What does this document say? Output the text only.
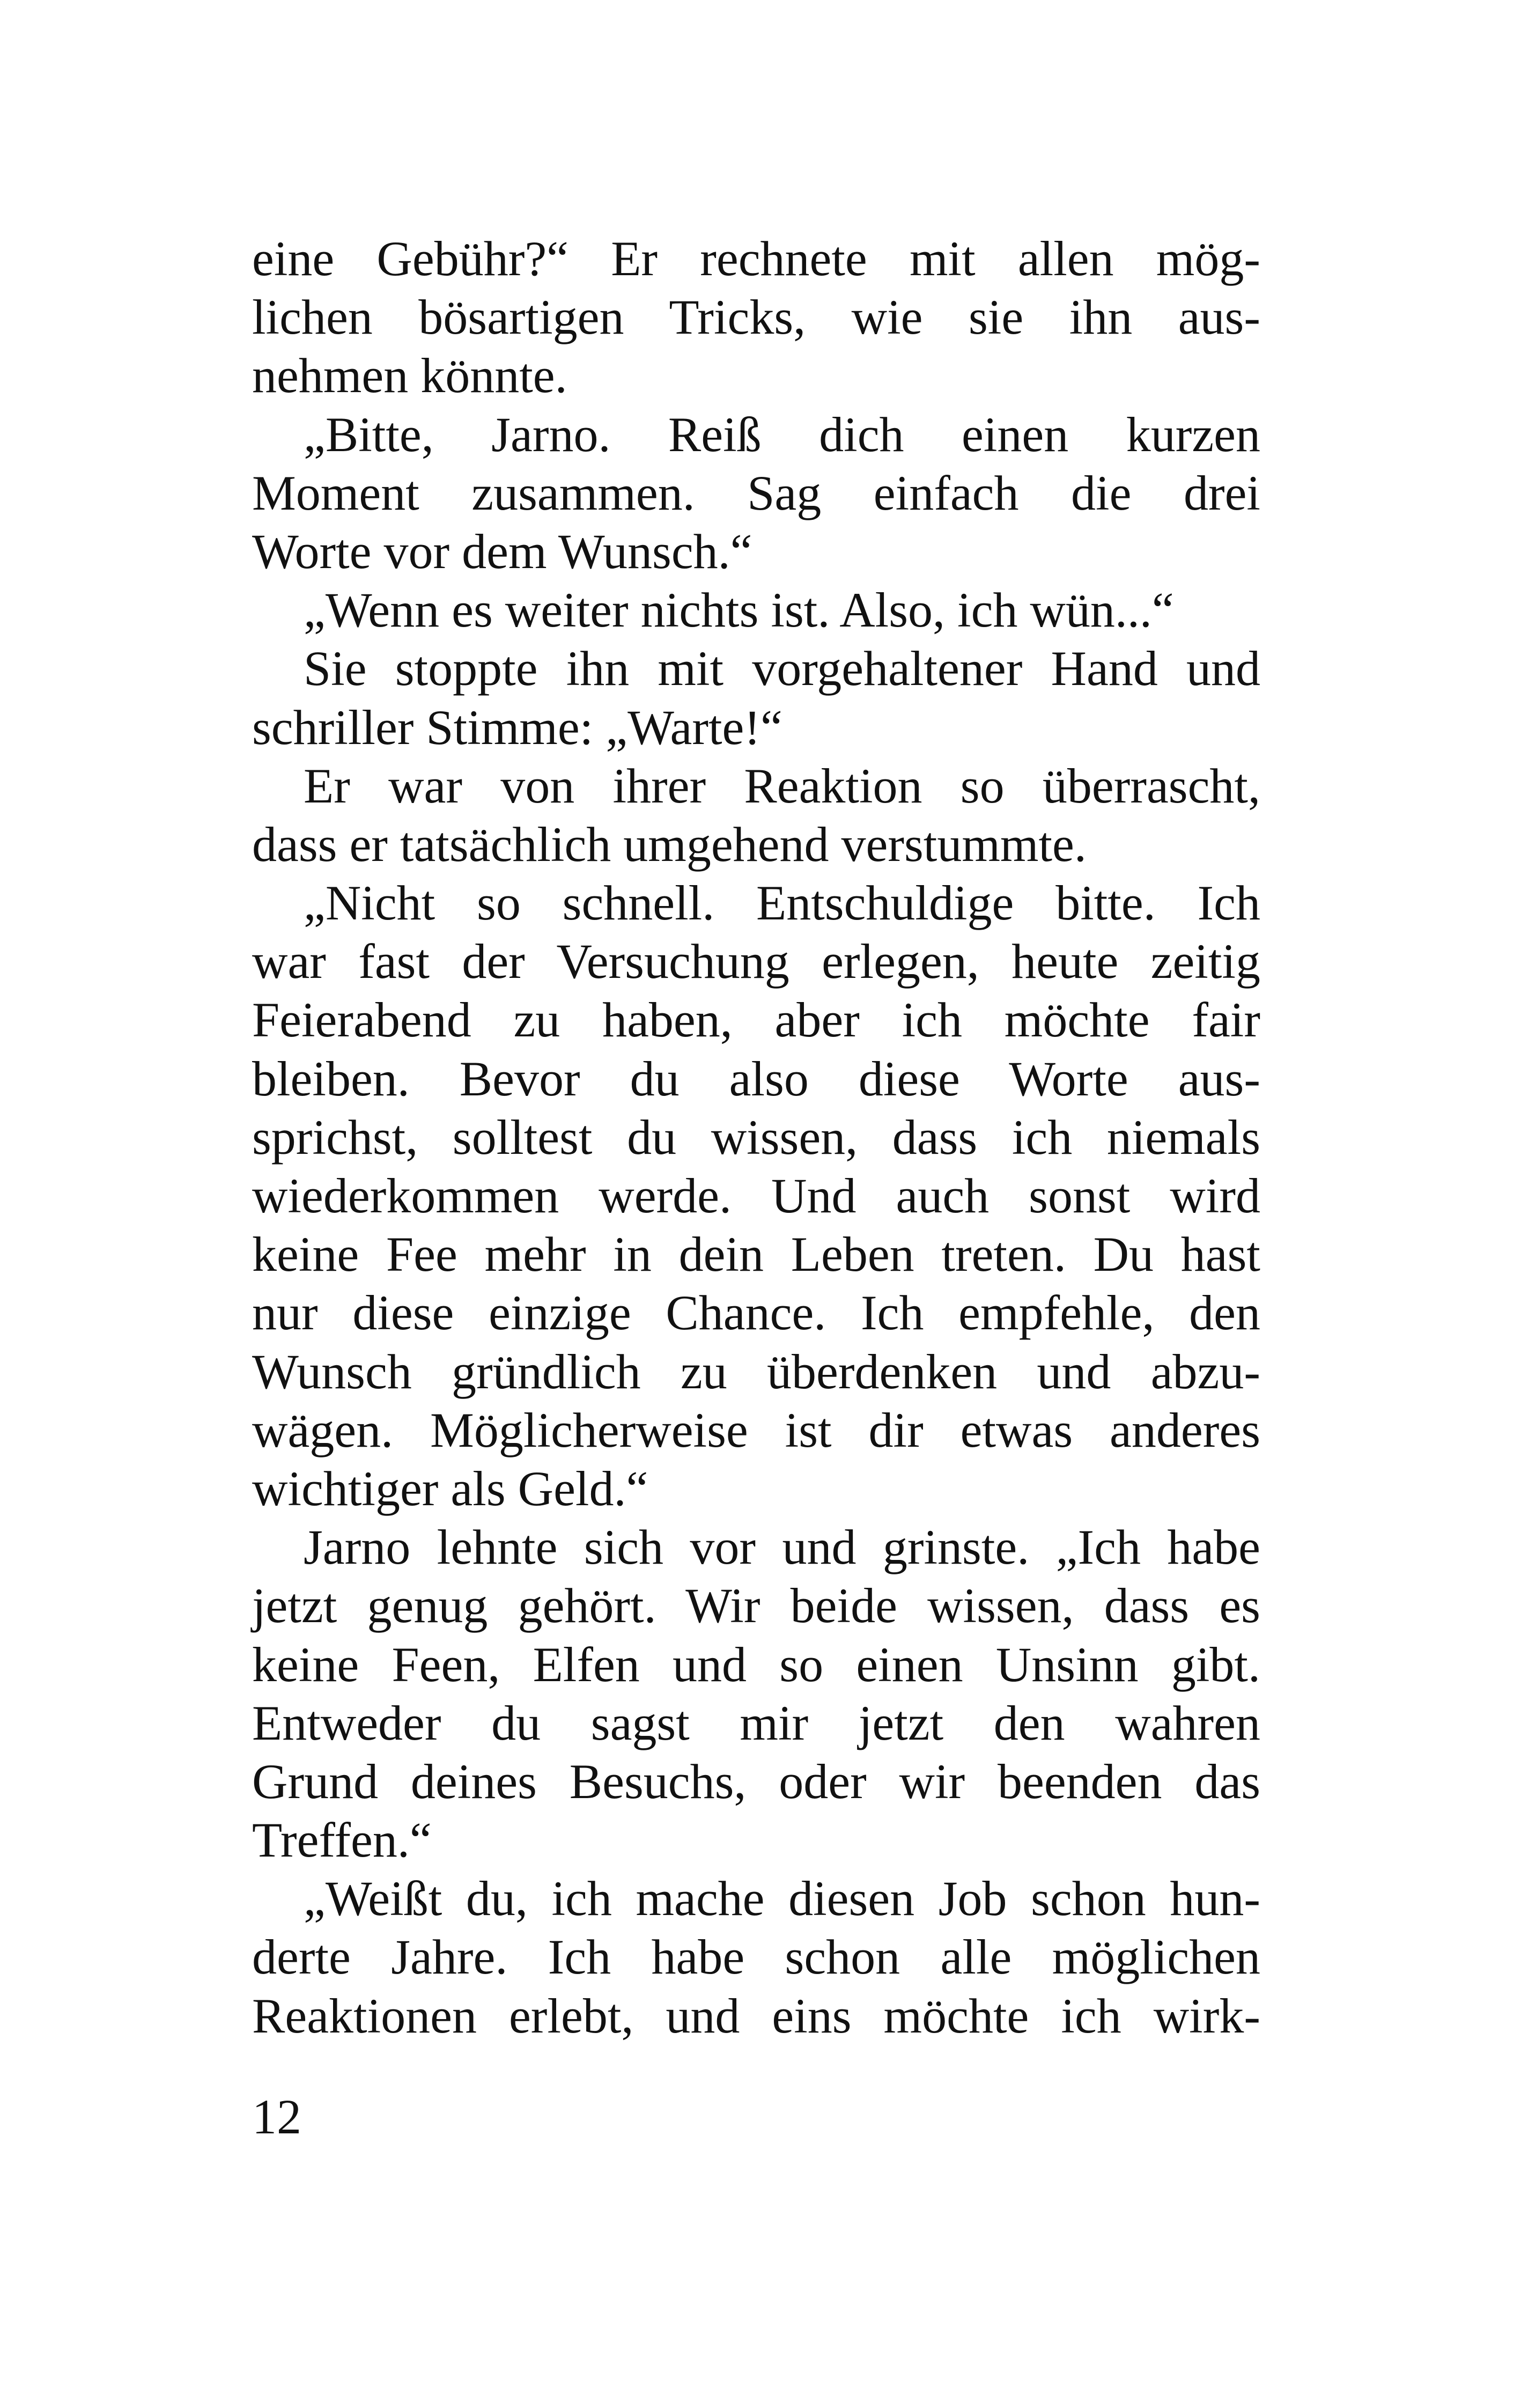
eine Gebühr?“ Er rechnete mit allen mög-
lichen bösartigen Tricks, wie sie ihn aus-
nehmen könnte.
„Bitte, Jarno. Reiß dich einen kurzen
Moment zusammen. Sag einfach die drei
Worte vor dem Wunsch.“
„Wenn es weiter nichts ist. Also, ich wün...“
Sie stoppte ihn mit vorgehaltener Hand und
schriller Stimme: „Warte!“
Er war von ihrer Reaktion so überrascht,
dass er tatsächlich umgehend verstummte.
„Nicht so schnell. Entschuldige bitte. Ich
war fast der Versuchung erlegen, heute zeitig
Feierabend zu haben, aber ich möchte fair
bleiben. Bevor du also diese Worte aus-
sprichst, solltest du wissen, dass ich niemals
wiederkommen werde. Und auch sonst wird
keine Fee mehr in dein Leben treten. Du hast
nur diese einzige Chance. Ich empfehle, den
Wunsch gründlich zu überdenken und abzu-
wägen. Möglicherweise ist dir etwas anderes
wichtiger als Geld.“
Jarno lehnte sich vor und grinste. „Ich habe
jetzt genug gehört. Wir beide wissen, dass es
keine Feen, Elfen und so einen Unsinn gibt.
Entweder du sagst mir jetzt den wahren
Grund deines Besuchs, oder wir beenden das
Treffen.“
„Weißt du, ich mache diesen Job schon hun-
derte Jahre. Ich habe schon alle möglichen
Reaktionen erlebt, und eins möchte ich wirk-
12
